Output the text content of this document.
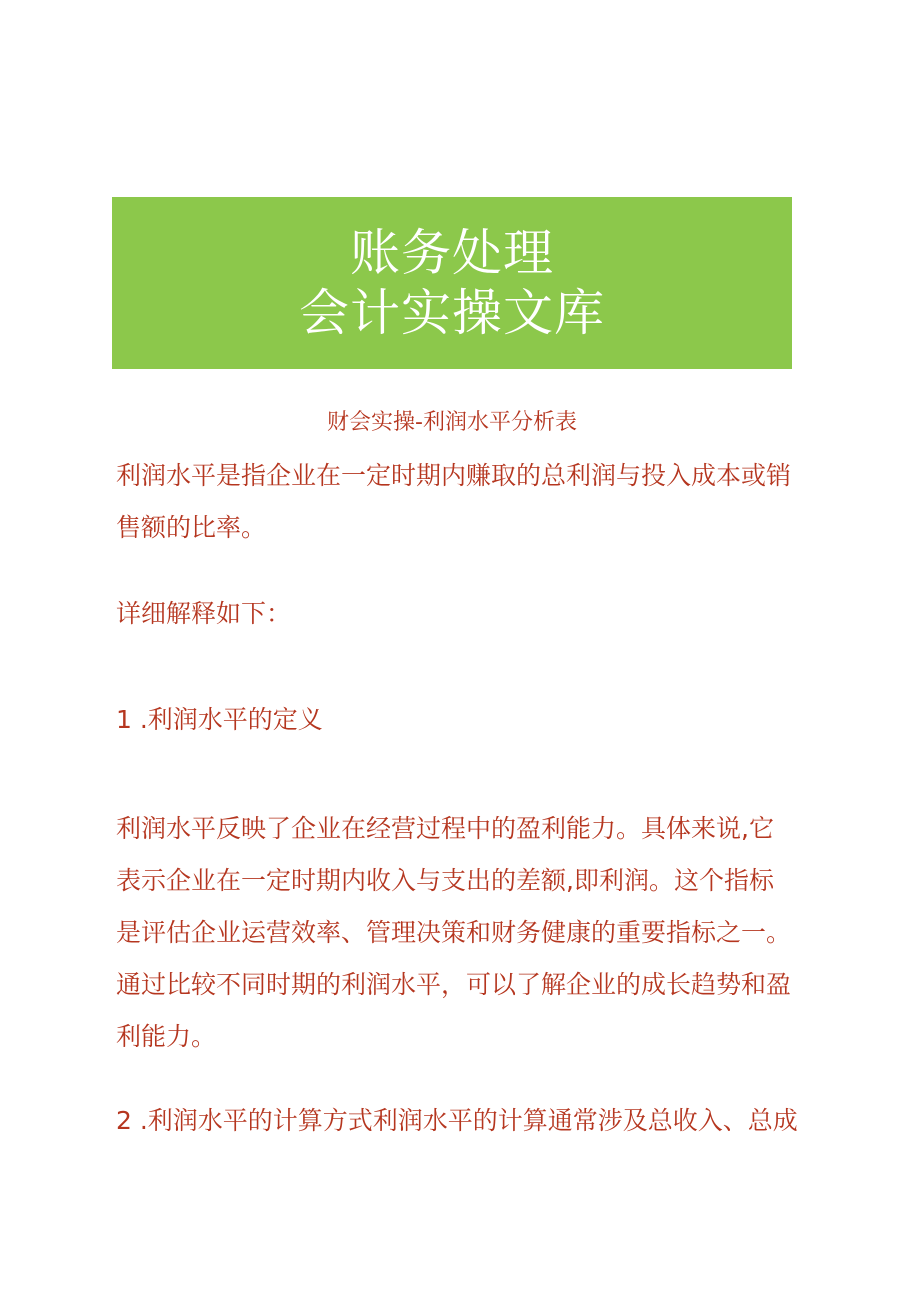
账务处理
会计实操文库
财会实操-利润水平分析表

利润水平是指企业在一定时期内赚取的总利润与投入成本或销售额的比率。

详细解释如下：

1 .利润水平的定义

利润水平反映了企业在经营过程中的盈利能力。具体来说,它表示企业在一定时期内收入与支出的差额,即利润。这个指标是评估企业运营效率、管理决策和财务健康的重要指标之一。通过比较不同时期的利润水平，可以了解企业的成长趋势和盈利能力。

2 .利润水平的计算方式利润水平的计算通常涉及总收入、总成
